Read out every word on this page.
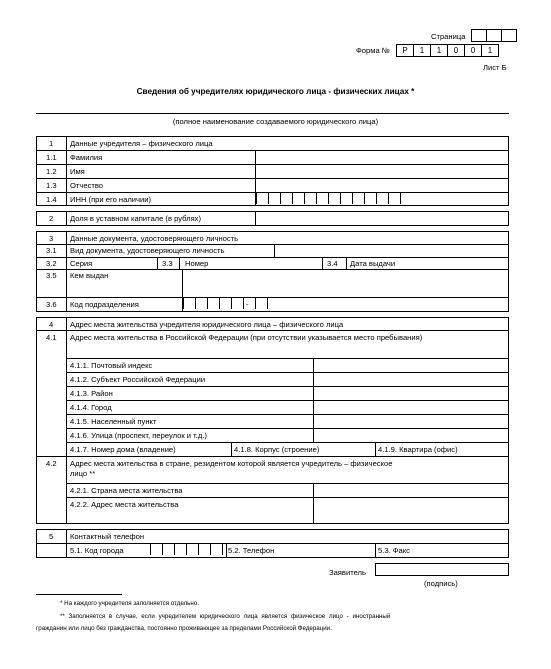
Страница
Форма №	Р	1	1	0	0	1
Лист Б
Сведения об учредителях юридического лица - физических лицах *
(полное наименование создаваемого юридического лица)
1 Данные учредителя – физического лица
1.1 Фамилия
1.2 Имя
1.3 Отчество
1.4 ИНН (при его наличии)
2 Доля в уставном капитале (в рублях)
3 Данные документа, удостоверяющего личность
3.1 Вид документа, удостоверяющего личность
3.2 Серия	3.3 Номер	3.4 Дата выдачи
3.5 Кем выдан
3.6 Код подразделения	-
4 Адрес места жительства учредителя юридического лица – физического лица
4.1 Адрес места жительства в Российской Федерации (при отсутствии указывается место пребывания)
4.1.1. Почтовый индекс
4.1.2. Субъект Российской Федерации
4.1.3. Район
4.1.4. Город
4.1.5. Населенный пункт
4.1.6. Улица (проспект, переулок и т.д.)
4.1.7. Номер дома (владение)	4.1.8. Корпус (строение)	4.1.9. Квартира (офис)
4.2 Адрес места жительства в стране, резидентом которой является учредитель – физическое
лицо **
4.2.1. Страна места жительства
4.2.2. Адрес места жительства
5 Контактный телефон
5.1. Код города	5.2. Телефон	5.3. Факс
Заявитель
(подпись)
* На каждого учредителя заполняется отдельно.
** Заполняется в случае, если учредителем юридического лица является физическое лицо - иностранный
гражданин или лицо без гражданства, постоянно проживающее за пределами Российской Федерации.
